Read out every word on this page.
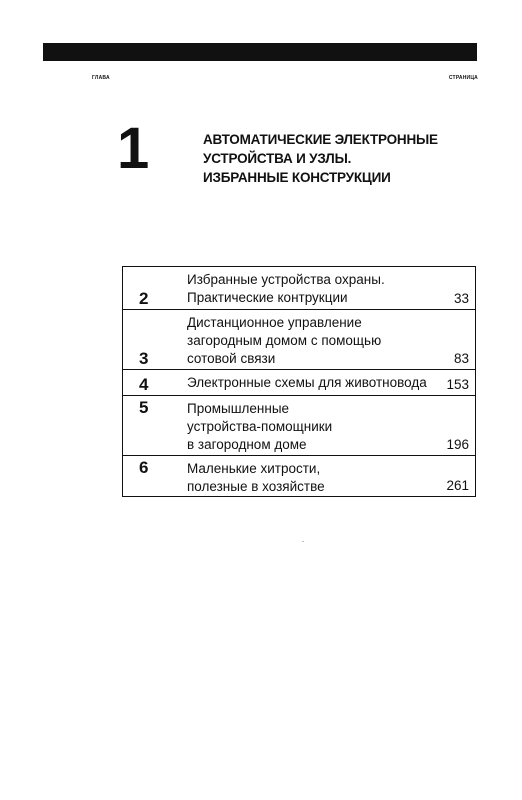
ГЛАВА	СТРАНИЦА
1	АВТОМАТИЧЕСКИЕ ЭЛЕКТРОННЫЕ
УСТРОЙСТВА И УЗЛЫ.
ИЗБРАННЫЕ КОНСТРУКЦИИ
2
Избранные устройства охраны.
Практические контрукции	33
3
Дистанционное управление
загородным домом с помощью
сотовой связи	83
4	Электронные схемы для животновода 153
5	Промышленные
устройства-помощники
в загородном доме	196
6	Маленькие хитрости,
полезные в хозяйстве	261
